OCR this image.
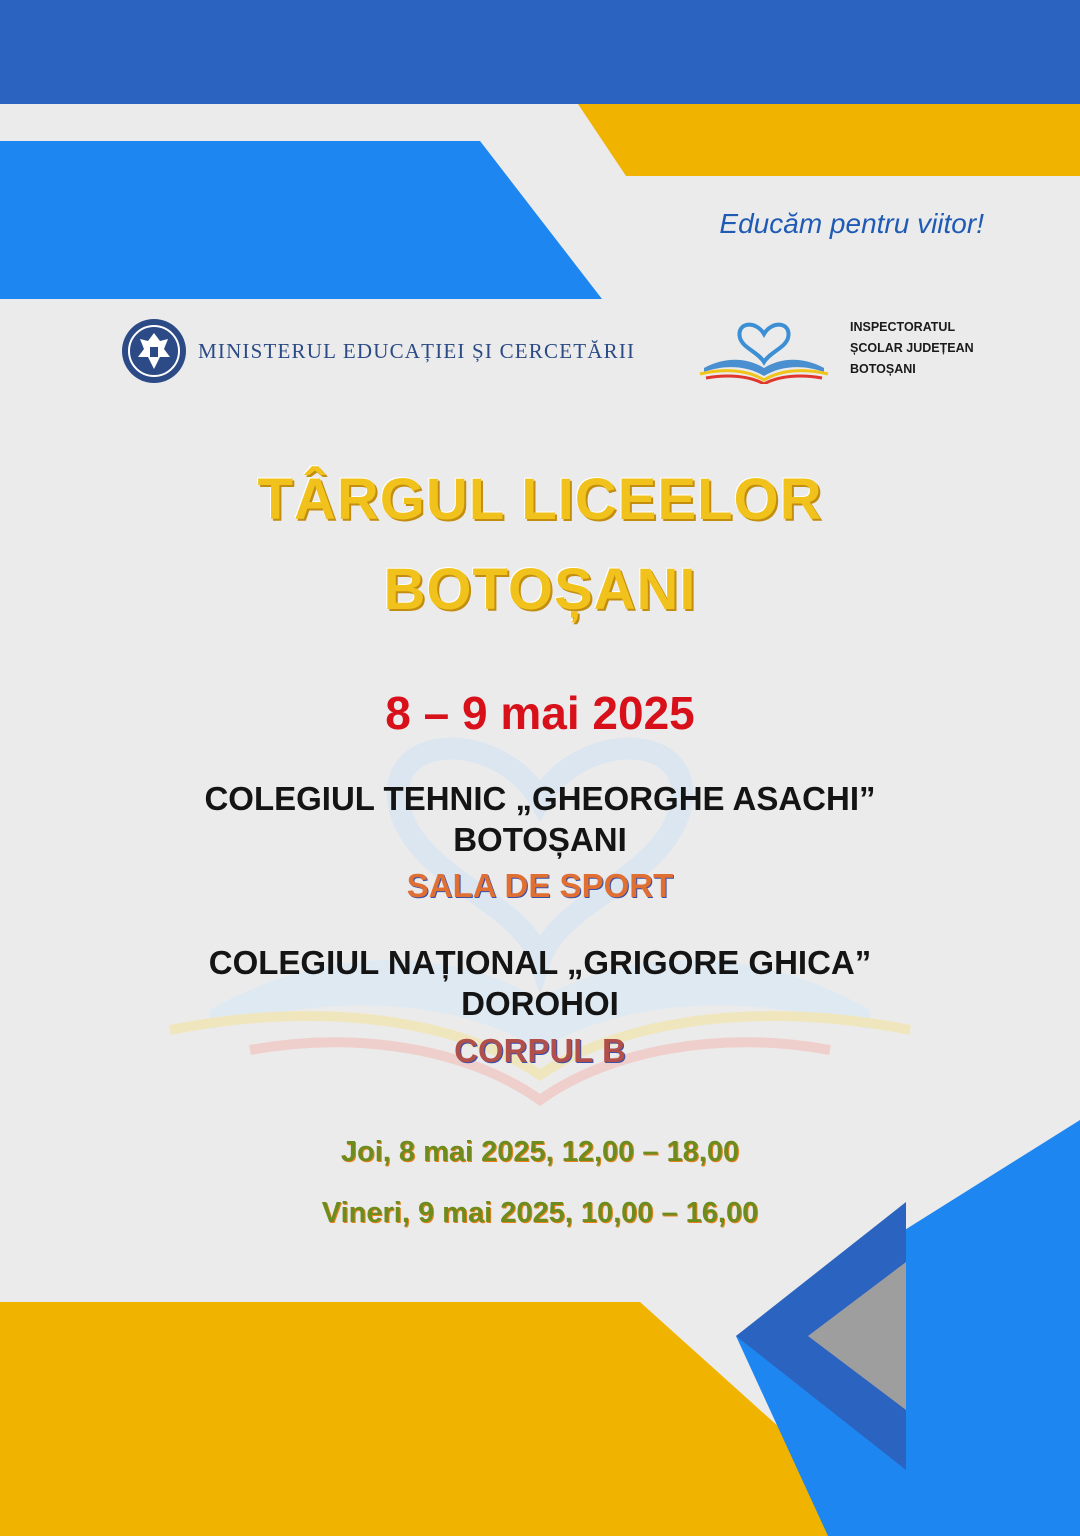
Educăm pentru viitor!
MINISTERUL EDUCAȚIEI ȘI CERCETĂRII
INSPECTORATUL
ȘCOLAR JUDEȚEAN
BOTOȘANI
TÂRGUL LICEELOR
BOTOȘANI
8 – 9 mai 2025
COLEGIUL TEHNIC „GHEORGHE ASACHI”
BOTOȘANI
SALA DE SPORT
COLEGIUL NAȚIONAL „GRIGORE GHICA”
DOROHOI
CORPUL B
Joi, 8 mai 2025, 12,00 – 18,00
Vineri, 9 mai 2025, 10,00 – 16,00
